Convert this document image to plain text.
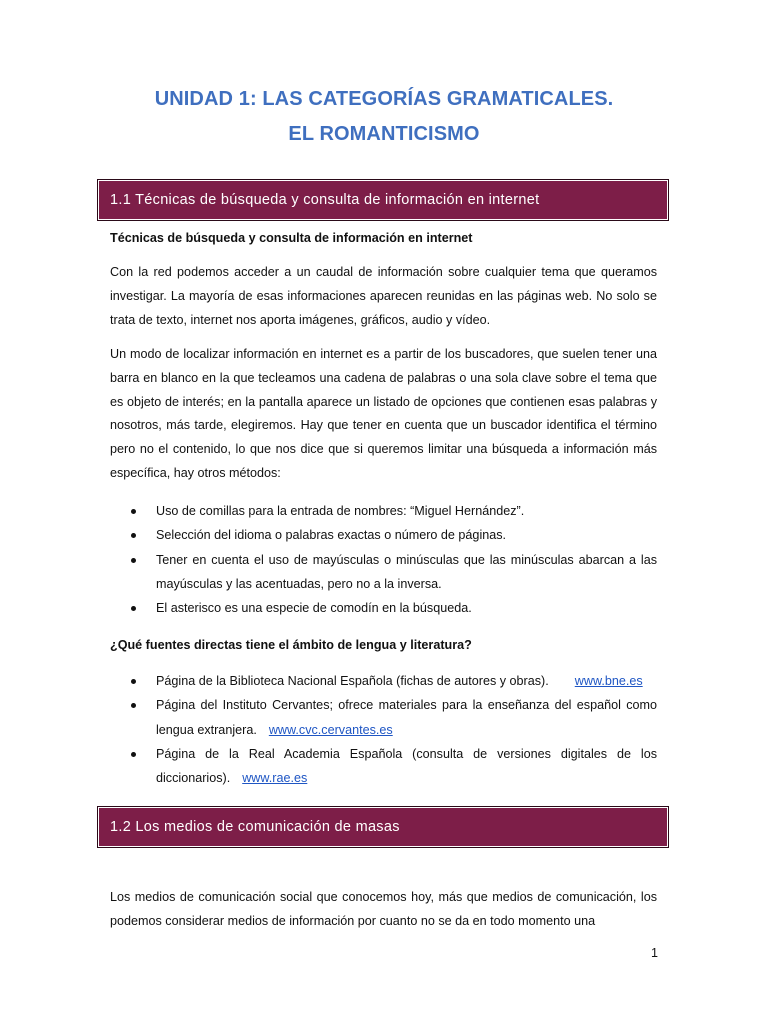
UNIDAD 1: LAS CATEGORÍAS GRAMATICALES.
EL ROMANTICISMO
1.1 Técnicas de búsqueda y consulta de información en internet

Técnicas de búsqueda y consulta de información en internet

Con la red podemos acceder a un caudal de información sobre cualquier tema que queramos investigar. La mayoría de esas informaciones aparecen reunidas en las páginas web. No solo se trata de texto, internet nos aporta imágenes, gráficos, audio y vídeo.

Un modo de localizar información en internet es a partir de los buscadores, que suelen tener una barra en blanco en la que tecleamos una cadena de palabras o una sola clave sobre el tema que es objeto de interés; en la pantalla aparece un listado de opciones que contienen esas palabras y nosotros, más tarde, elegiremos. Hay que tener en cuenta que un buscador identifica el término pero no el contenido, lo que nos dice que si queremos limitar una búsqueda a información más específica, hay otros métodos:

Uso de comillas para la entrada de nombres: “Miguel Hernández”.
Selección del idioma o palabras exactas o número de páginas.
Tener en cuenta el uso de mayúsculas o minúsculas que las minúsculas abarcan a las mayúsculas y las acentuadas, pero no a la inversa.
El asterisco es una especie de comodín en la búsqueda.

¿Qué fuentes directas tiene el ámbito de lengua y literatura?

Página de la Biblioteca Nacional Española (fichas de autores y obras). www.bne.es
Página del Instituto Cervantes; ofrece materiales para la enseñanza del español como lengua extranjera. www.cvc.cervantes.es
Página de la Real Academia Española (consulta de versiones digitales de los diccionarios). www.rae.es
1.2 Los medios de comunicación de masas

Los medios de comunicación social que conocemos hoy, más que medios de comunicación, los podemos considerar medios de información por cuanto no se da en todo momento una

1
